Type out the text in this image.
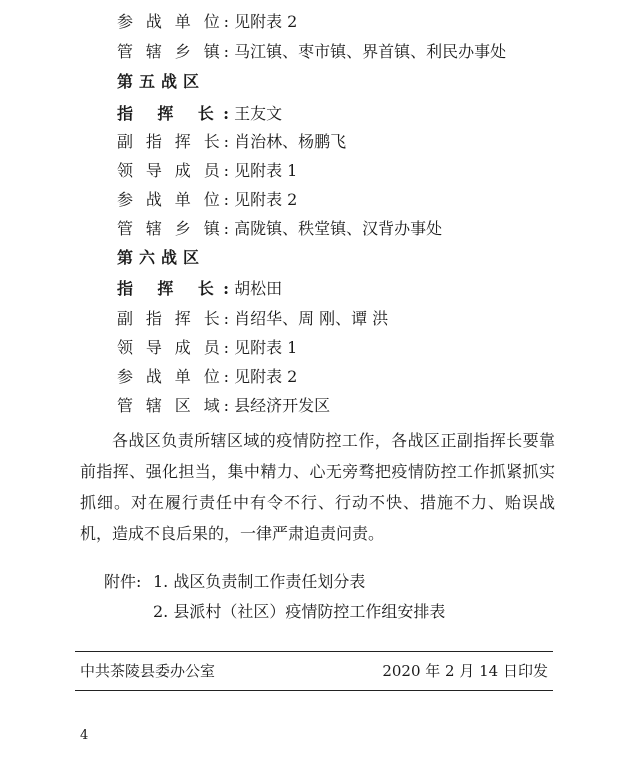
参 战 单 位: 见附表 2
管 辖 乡 镇: 马江镇、枣市镇、界首镇、利民办事处
第五战区
指 挥 长: 王友文
副 指 挥 长: 肖治林、杨鹏飞
领 导 成 员: 见附表 1
参 战 单 位: 见附表 2
管 辖 乡 镇: 高陇镇、秩堂镇、汉背办事处
第六战区
指 挥 长: 胡松田
副 指 挥 长: 肖绍华、周 刚、谭 洪
领 导 成 员: 见附表 1
参 战 单 位: 见附表 2
管 辖 区 域: 县经济开发区
各战区负责所辖区域的疫情防控工作，各战区正副指挥长要靠前指挥、强化担当，集中精力、心无旁骛把疫情防控工作抓紧抓实抓细。对在履行责任中有令不行、行动不快、措施不力、贻误战机，造成不良后果的，一律严肃追责问责。
附件: 1. 战区负责制工作责任划分表
2. 县派村（社区）疫情防控工作组安排表
中共茶陵县委办公室	2020 年 2 月 14 日印发
4
